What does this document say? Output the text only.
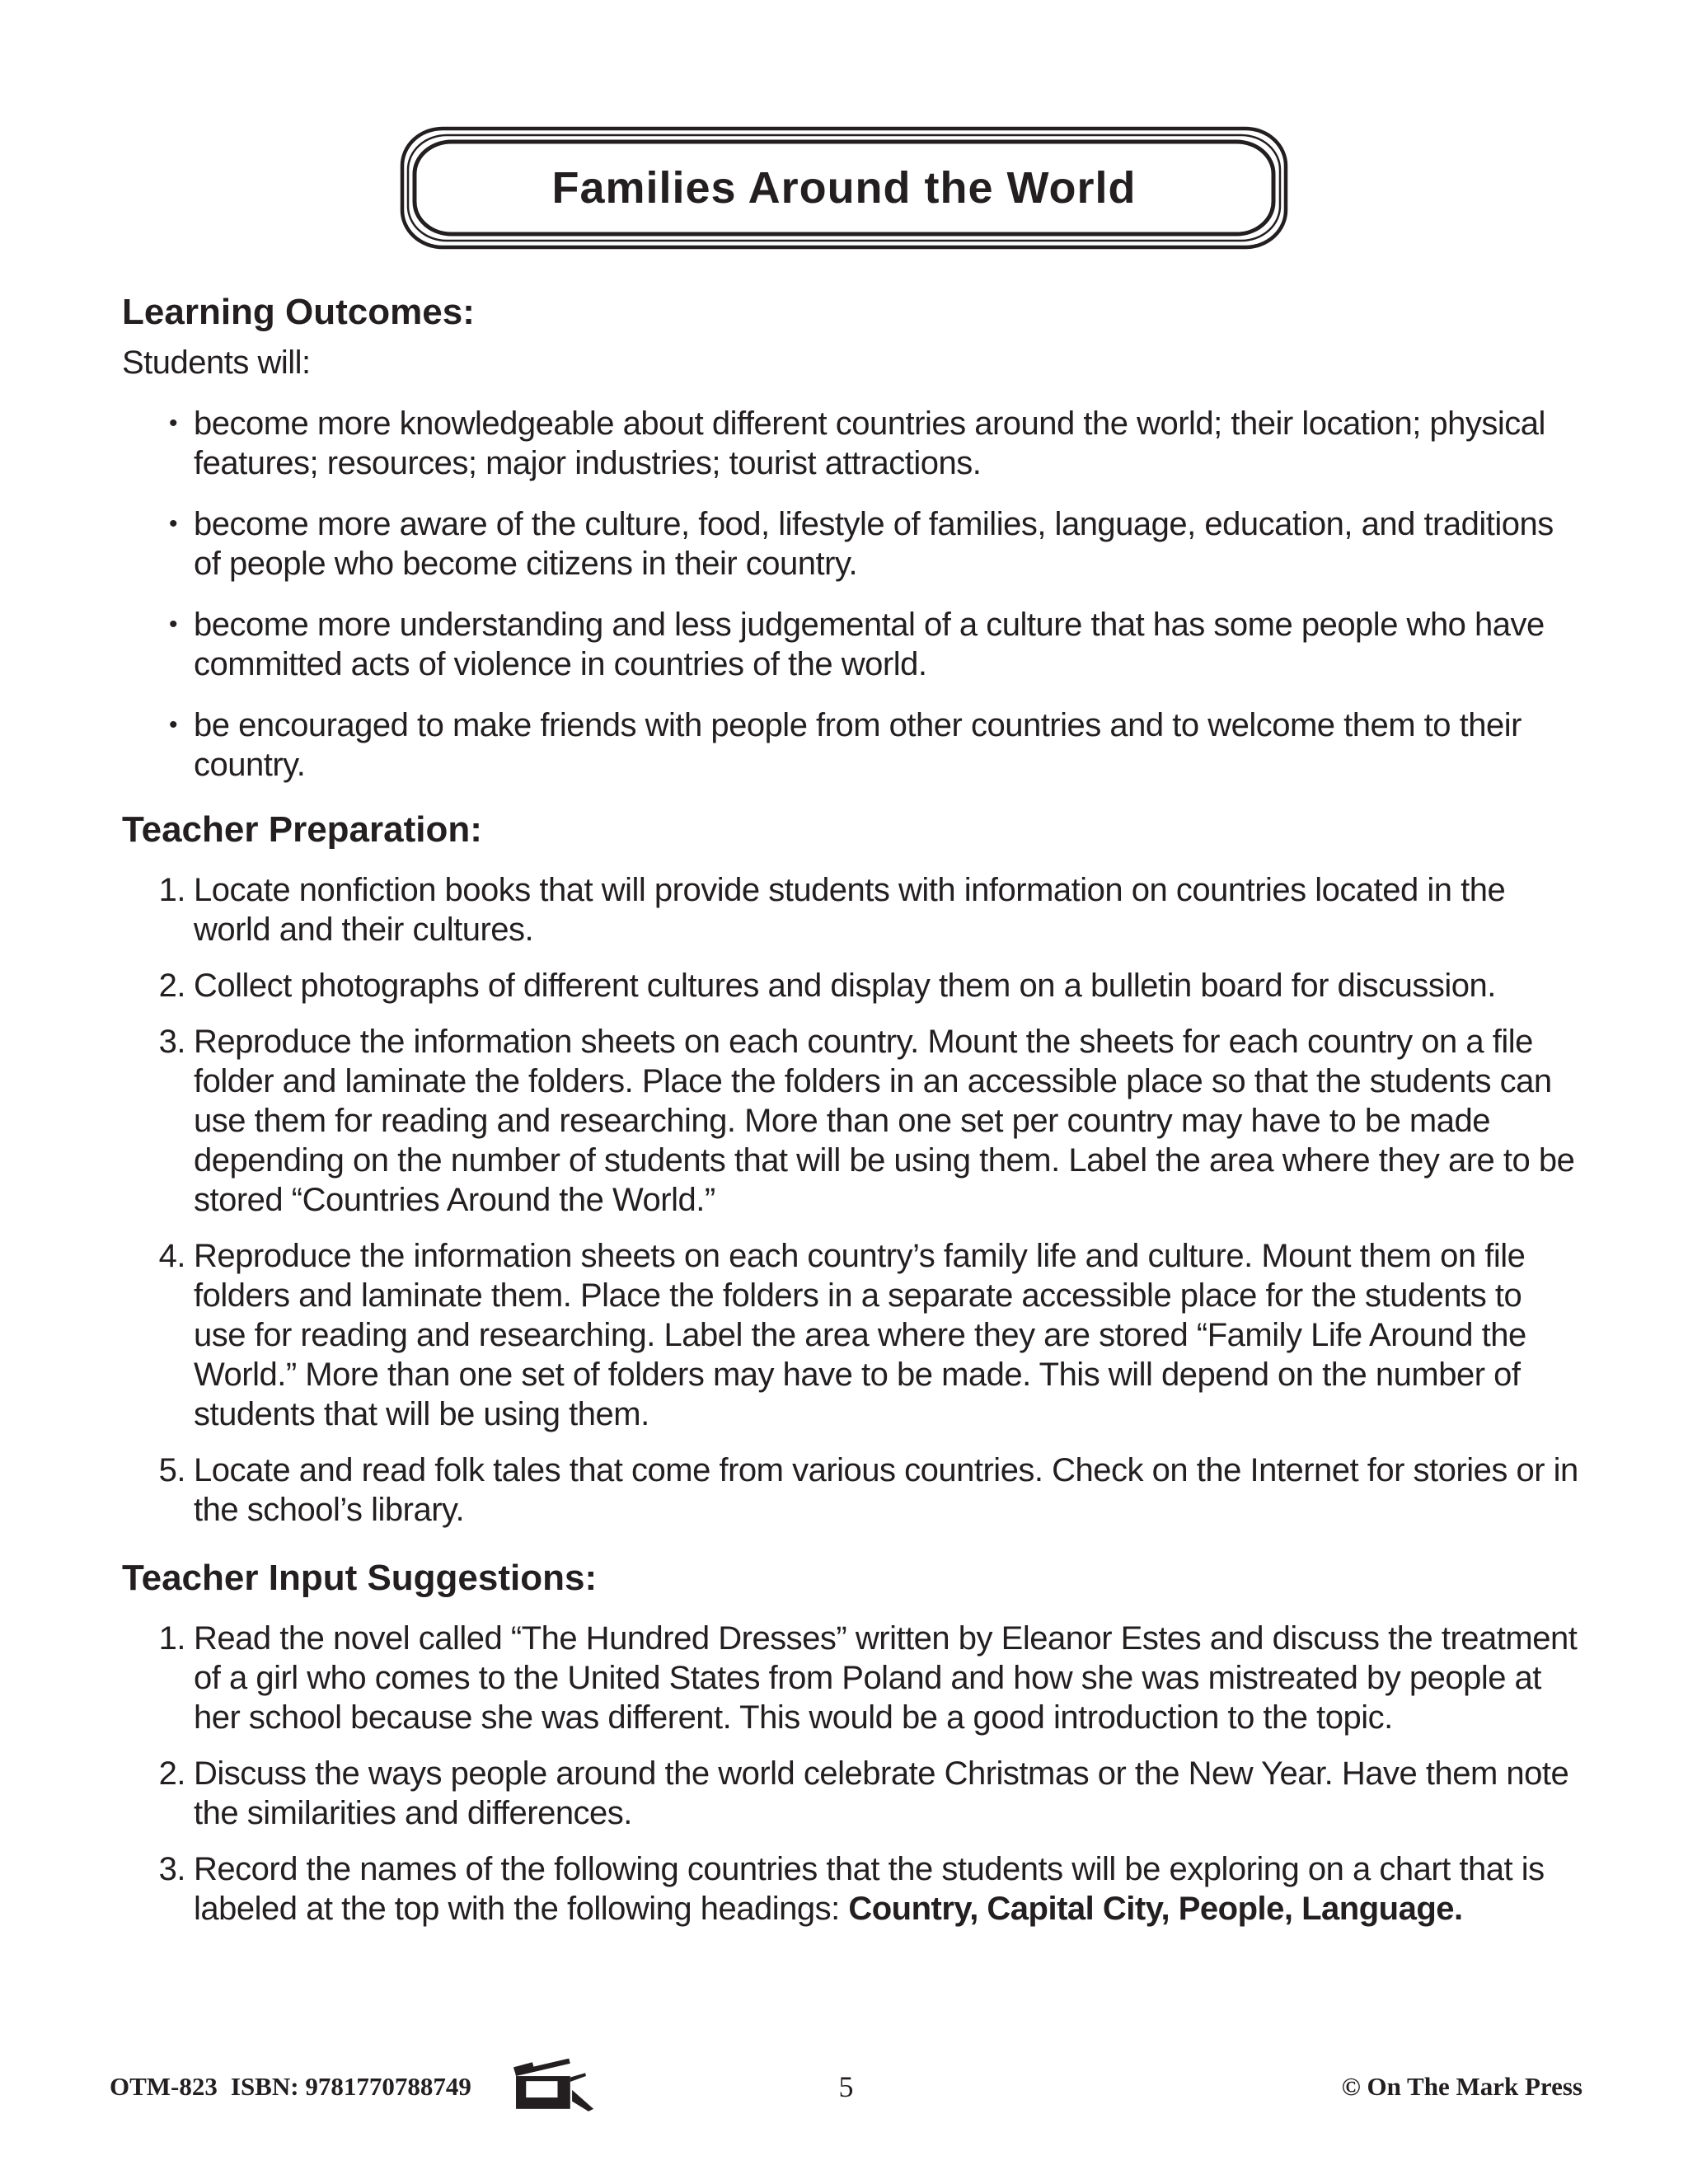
Families Around the World
Learning Outcomes:

Students will:

• become more knowledgeable about different countries around the world; their location; physical features; resources; major industries; tourist attractions.
• become more aware of the culture, food, lifestyle of families, language, education, and traditions of people who become citizens in their country.
• become more understanding and less judgemental of a culture that has some people who have committed acts of violence in countries of the world.
• be encouraged to make friends with people from other countries and to welcome them to their country.
Teacher Preparation:
1. Locate nonfiction books that will provide students with information on countries located in the world and their cultures.
2. Collect photographs of different cultures and display them on a bulletin board for discussion.
3. Reproduce the information sheets on each country. Mount the sheets for each country on a file folder and laminate the folders. Place the folders in an accessible place so that the students can use them for reading and researching. More than one set per country may have to be made depending on the number of students that will be using them. Label the area where they are to be stored “Countries Around the World.”
4. Reproduce the information sheets on each country’s family life and culture. Mount them on file folders and laminate them. Place the folders in a separate accessible place for the students to use for reading and researching. Label the area where they are stored “Family Life Around the World.” More than one set of folders may have to be made. This will depend on the number of students that will be using them.
5. Locate and read folk tales that come from various countries. Check on the Internet for stories or in the school’s library.
Teacher Input Suggestions:
1. Read the novel called “The Hundred Dresses” written by Eleanor Estes and discuss the treatment of a girl who comes to the United States from Poland and how she was mistreated by people at her school because she was different. This would be a good introduction to the topic.
2. Discuss the ways people around the world celebrate Christmas or the New Year. Have them note the similarities and differences.
3. Record the names of the following countries that the students will be exploring on a chart that is labeled at the top with the following headings: Country, Capital City, People, Language.
OTM-823 ISBN: 9781770788749	5	© On The Mark Press
